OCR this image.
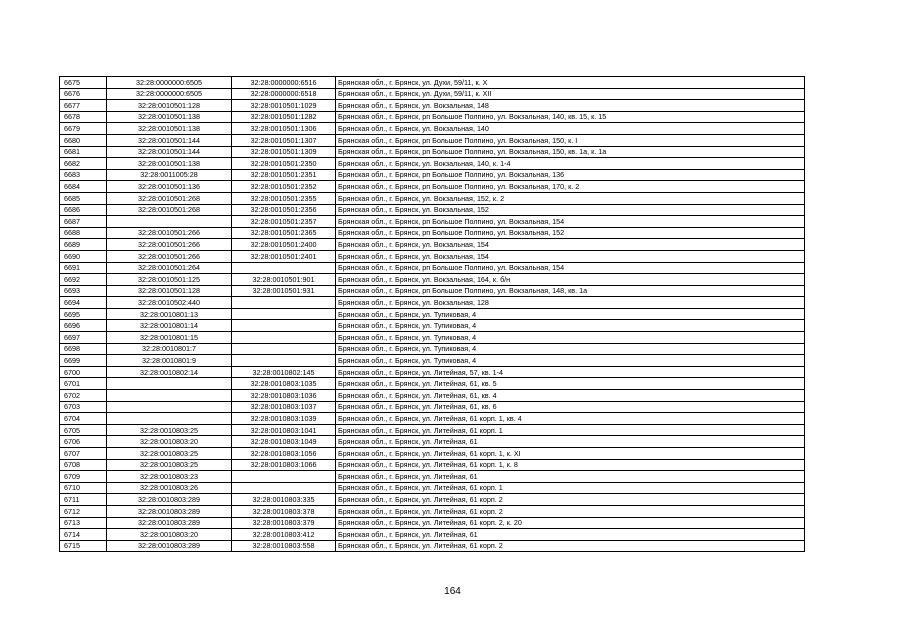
6675	32:28:0000000:6505	32:28:0000000:6516	Брянская обл., г. Брянск, ул. Духи, 59/11, к. X
6676	32:28:0000000:6505	32:28:0000000:6518	Брянская обл., г. Брянск, ул. Духи, 59/11, к. XII
6677	32:28:0010501:128	32:28:0010501:1029	Брянская обл., г. Брянск, ул. Вокзальная, 148
6678	32:28:0010501:138	32:28:0010501:1282	Брянская обл., г. Брянск, рп Большое Полпино, ул. Вокзальная, 140, кв. 15, к. 15
6679	32:28:0010501:138	32:28:0010501:1306	Брянская обл., г. Брянск, ул. Вокзальная, 140
6680	32:28:0010501:144	32:28:0010501:1307	Брянская обл., г. Брянск, рп Большое Полпино, ул. Вокзальная, 150, к. I
6681	32:28:0010501:144	32:28:0010501:1309	Брянская обл., г. Брянск, рп Большое Полпино, ул. Вокзальная, 150, кв. 1а, к. 1а
6682	32:28:0010501:138	32:28:0010501:2350	Брянская обл., г. Брянск, ул. Вокзальная, 140, к. 1-4
6683	32:28:0011005:28	32:28:0010501:2351	Брянская обл., г. Брянск, рп Большое Полпино, ул. Вокзальная, 136
6684	32:28:0010501:136	32:28:0010501:2352	Брянская обл., г. Брянск, рп Большое Полпино, ул. Вокзальная, 170, к. 2
6685	32:28:0010501:268	32:28:0010501:2355	Брянская обл., г. Брянск, ул. Вокзальная, 152, к. 2
6686	32:28:0010501:268	32:28:0010501:2356	Брянская обл., г. Брянск, ул. Вокзальная, 152
6687		32:28:0010501:2357	Брянская обл., г. Брянск, рп Большое Полпино, ул. Вокзальная, 154
6688	32:28:0010501:266	32:28:0010501:2365	Брянская обл., г. Брянск, рп Большое Полпино, ул. Вокзальная, 152
6689	32:28:0010501:266	32:28:0010501:2400	Брянская обл., г. Брянск, ул. Вокзальная, 154
6690	32:28:0010501:266	32:28:0010501:2401	Брянская обл., г. Брянск, ул. Вокзальная, 154
6691	32:28:0010501:264		Брянская обл., г. Брянск, рп Большое Полпино, ул. Вокзальная, 154
6692	32:28:0010501:125	32:28:0010501:901	Брянская обл., г. Брянск, ул. Вокзальная, 164, к. б/н
6693	32:28:0010501:128	32:28:0010501:931	Брянская обл., г. Брянск, рп Большое Полпино, ул. Вокзальная, 148, кв. 1а
6694	32:28:0010502:440		Брянская обл., г. Брянск, ул. Вокзальная, 128
6695	32:28:0010801:13		Брянская обл., г. Брянск, ул. Тупиковая, 4
6696	32:28:0010801:14		Брянская обл., г. Брянск, ул. Тупиковая, 4
6697	32:28:0010801:15		Брянская обл., г. Брянск, ул. Тупиковая, 4
6698	32:28:0010801:7		Брянская обл., г. Брянск, ул. Тупиковая, 4
6699	32:28:0010801:9		Брянская обл., г. Брянск, ул. Тупиковая, 4
6700	32:28:0010802:14	32:28:0010802:145	Брянская обл., г. Брянск, ул. Литейная, 57, кв. 1-4
6701		32:28:0010803:1035	Брянская обл., г. Брянск, ул. Литейная, 61, кв. 5
6702		32:28:0010803:1036	Брянская обл., г. Брянск, ул. Литейная, 61, кв. 4
6703		32:28:0010803:1037	Брянская обл., г. Брянск, ул. Литейная, 61, кв. 6
6704		32:28:0010803:1039	Брянская обл., г. Брянск, ул. Литейная, 61 корп. 1, кв. 4
6705	32:28:0010803:25	32:28:0010803:1041	Брянская обл., г. Брянск, ул. Литейная, 61 корп. 1
6706	32:28:0010803:20	32:28:0010803:1049	Брянская обл., г. Брянск, ул. Литейная, 61
6707	32:28:0010803:25	32:28:0010803:1056	Брянская обл., г. Брянск, ул. Литейная, 61 корп. 1, к. XI
6708	32:28:0010803:25	32:28:0010803:1066	Брянская обл., г. Брянск, ул. Литейная, 61 корп. 1, к. 8
6709	32:28:0010803:23		Брянская обл., г. Брянск, ул. Литейная, 61
6710	32:28:0010803:26		Брянская обл., г. Брянск, ул. Литейная, 61 корп. 1
6711	32:28:0010803:289	32:28:0010803:335	Брянская обл., г. Брянск, ул. Литейная, 61 корп. 2
6712	32:28:0010803:289	32:28:0010803:378	Брянская обл., г. Брянск, ул. Литейная, 61 корп. 2
6713	32:28:0010803:289	32:28:0010803:379	Брянская обл., г. Брянск, ул. Литейная, 61 корп. 2, к. 20
6714	32:28:0010803:20	32:28:0010803:412	Брянская обл., г. Брянск, ул. Литейная, 61
6715	32:28:0010803:289	32:28:0010803:558	Брянская обл., г. Брянск, ул. Литейная, 61 корп. 2
164
